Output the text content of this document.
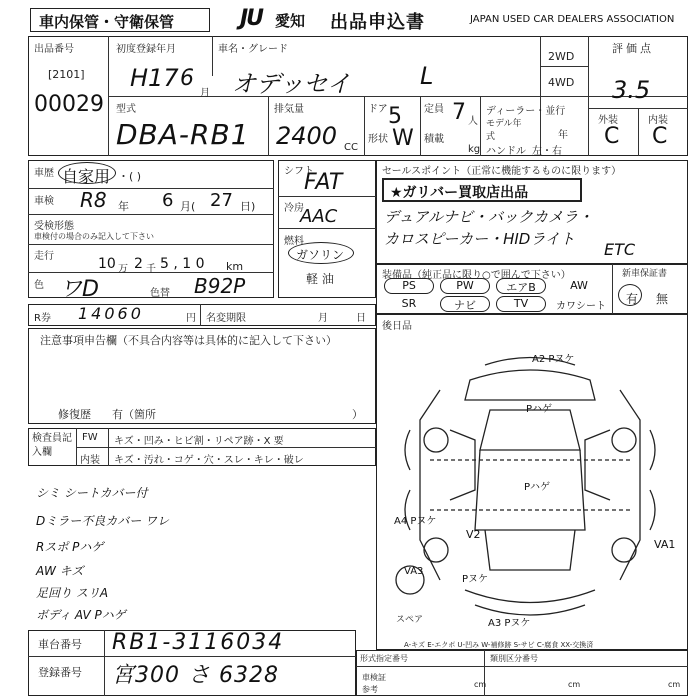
車内保管・守衛保管	JU 愛知 出品申込書	JAPAN USED CAR DEALERS ASSOCIATION
出品番号
[2101]
00029
初度登録年月
H17 6
月
車名・グレード
オデッセイ	L
2WD
4WD
評価点
3.5
外装	内装
C C
型式
DBA-RB1
排気量
2400 CC
ドア 5
形状 W
定員 7 人
積載
kg
ディーラー・並行
モデル年式	年
ハンドル 左・右
車歴 自家用 ・( )
車検 R8 年 6 月( 27 日)
受検形態
車検付の場合のみ記入して下さい
走行	10 万 2 千 5 , 1 0 km
色 ワD	色替 B92P
シフト
FAT
冷房
AAC
燃料
ガソリン
軽 油
セールスポイント（正常に機能するものに限ります）
★ガリバー買取店出品
デュアルナビ・バックカメラ・
カロスピーカー・HIDライト
ETC
装備品（純正品に限り○で囲んで下さい）
PS	PW	エアB	AW
SR	ナビ	TV	カワシート
新車保証書
有 無
R券 14060	円 名変期限	月	日
注意事項申告欄（不具合内容等は具体的に記入して下さい）
修復歴 有（箇所	）
後日品
A2 Pヌケ
Pハゲ
Pハゲ
A4 Pヌケ
V2
VA1
VA3
Pヌケ
A3 Pヌケ
スペア
A-キズ E-エクボ U-凹み W-補修跡 S-サビ C-腐食 XX-交換済
検査員記入欄
FW キズ・凹み・ヒビ割・リペア跡・X 要
内装 キズ・汚れ・コゲ・穴・スレ・キレ・破レ
シミ シートカバー付
Dミラー不良カバー ワレ
Rスポ Pハゲ
AW キズ
足回り スリA
ボディ AV Pハゲ
車台番号 RB1-3116034
登録番号 宮300 さ 6328
形式指定番号	類別区分番号
車検証
参考
cm	cm	cm
